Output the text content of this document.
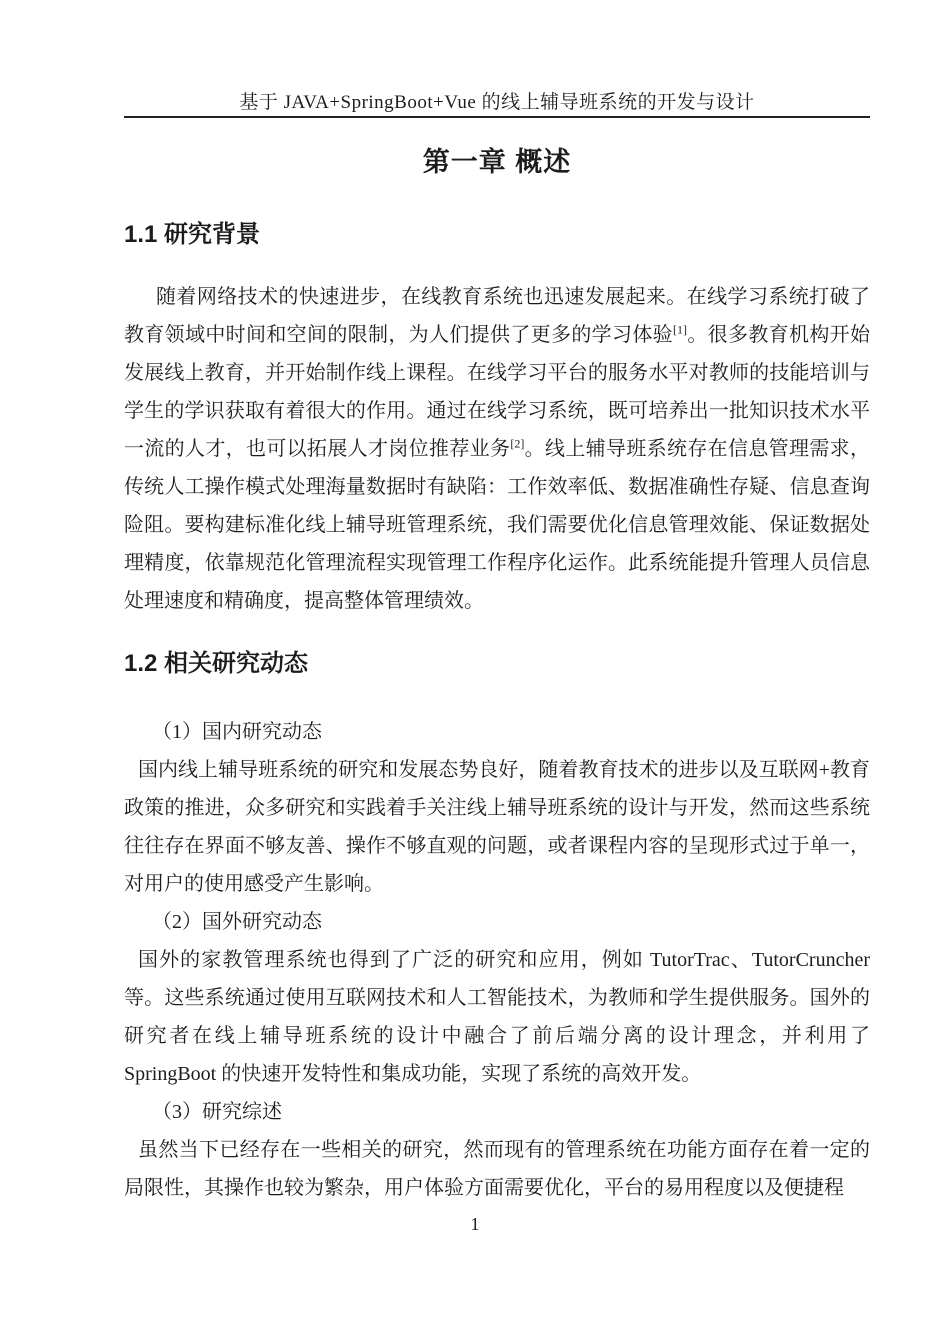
基于 JAVA+SpringBoot+Vue 的线上辅导班系统的开发与设计
第一章 概述
1.1 研究背景

随着网络技术的快速进步，在线教育系统也迅速发展起来。在线学习系统打破了教育领域中时间和空间的限制，为人们提供了更多的学习体验[1]。很多教育机构开始发展线上教育，并开始制作线上课程。在线学习平台的服务水平对教师的技能培训与学生的学识获取有着很大的作用。通过在线学习系统，既可培养出一批知识技术水平一流的人才，也可以拓展人才岗位推荐业务[2]。线上辅导班系统存在信息管理需求，传统人工操作模式处理海量数据时有缺陷：工作效率低、数据准确性存疑、信息查询险阻。要构建标准化线上辅导班管理系统，我们需要优化信息管理效能、保证数据处理精度，依靠规范化管理流程实现管理工作程序化运作。此系统能提升管理人员信息处理速度和精确度，提高整体管理绩效。

1.2 相关研究动态

（1）国内研究动态

国内线上辅导班系统的研究和发展态势良好，随着教育技术的进步以及互联网+教育政策的推进，众多研究和实践着手关注线上辅导班系统的设计与开发，然而这些系统往往存在界面不够友善、操作不够直观的问题，或者课程内容的呈现形式过于单一，对用户的使用感受产生影响。

（2）国外研究动态

国外的家教管理系统也得到了广泛的研究和应用，例如 TutorTrac、TutorCruncher 等。这些系统通过使用互联网技术和人工智能技术，为教师和学生提供服务。国外的研究者在线上辅导班系统的设计中融合了前后端分离的设计理念，并利用了 SpringBoot 的快速开发特性和集成功能，实现了系统的高效开发。

（3）研究综述

虽然当下已经存在一些相关的研究，然而现有的管理系统在功能方面存在着一定的局限性，其操作也较为繁杂，用户体验方面需要优化，平台的易用程度以及便捷程

1
